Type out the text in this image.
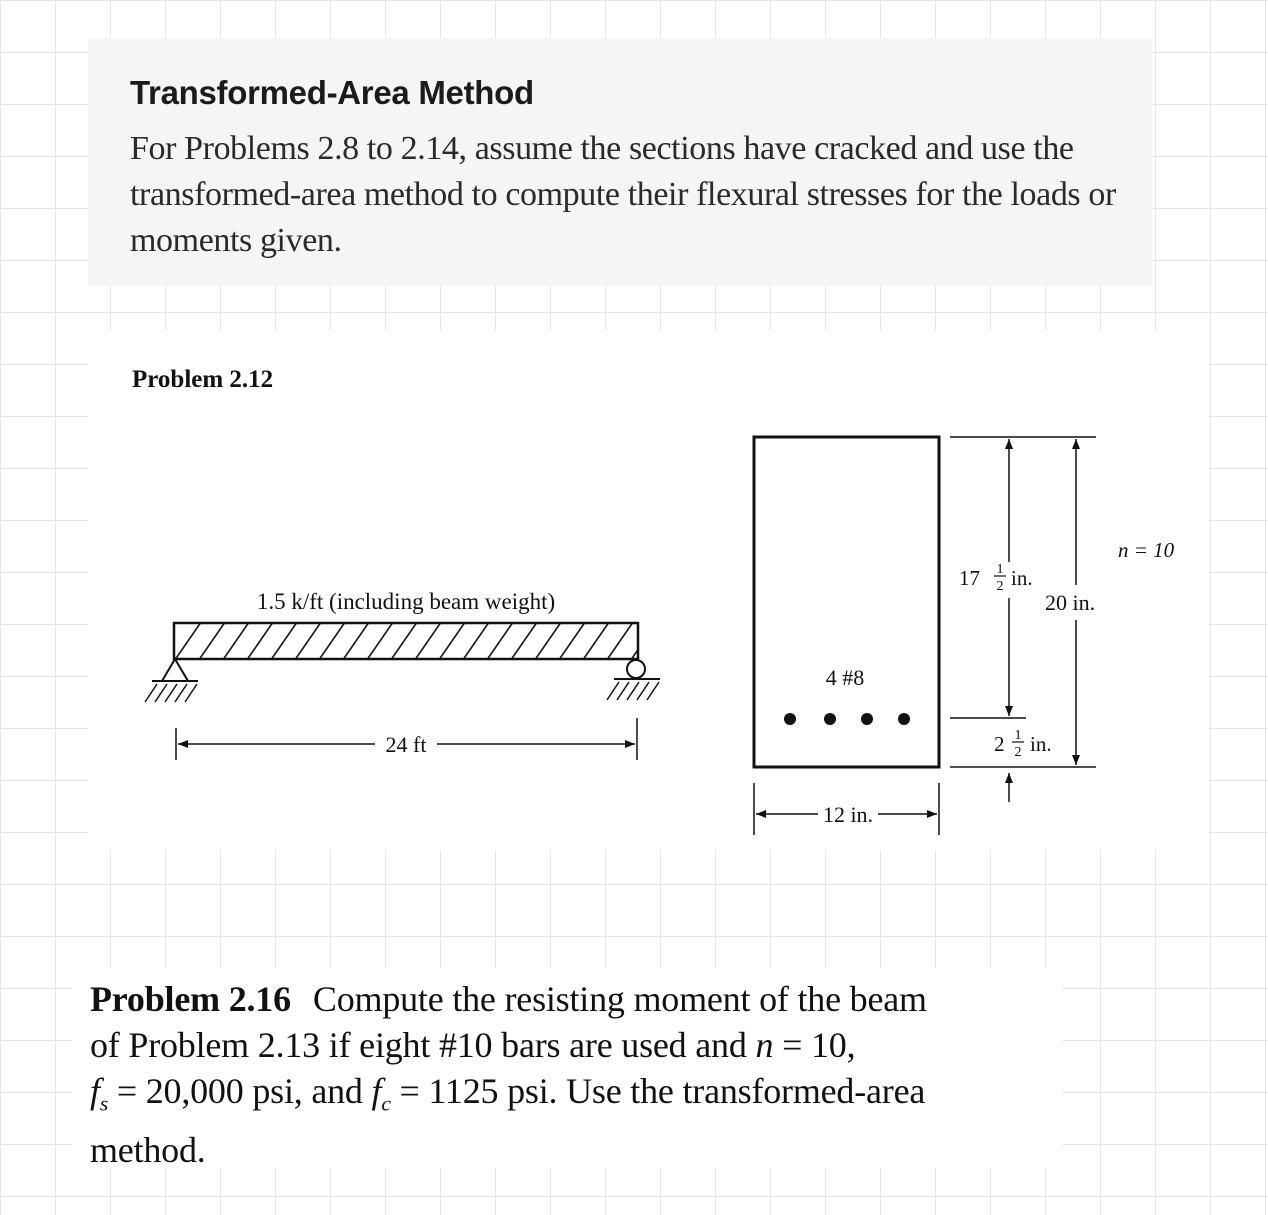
Transformed-Area Method

For Problems 2.8 to 2.14, assume the sections have cracked and use the transformed-area method to compute their flexural stresses for the loads or moments given.

Problem 2.12

1.5 k/ft (including beam weight)
24 ft
4 #8
12 in.
17 1
2 in.
20 in.
2 1
2 in.
n = 10

Problem 2.16 Compute the resisting moment of the beam
of Problem 2.13 if eight #10 bars are used and n = 10,
$f_s = 20,000$ psi, and $f_c = 1125$ psi. Use the transformed-area
method.
